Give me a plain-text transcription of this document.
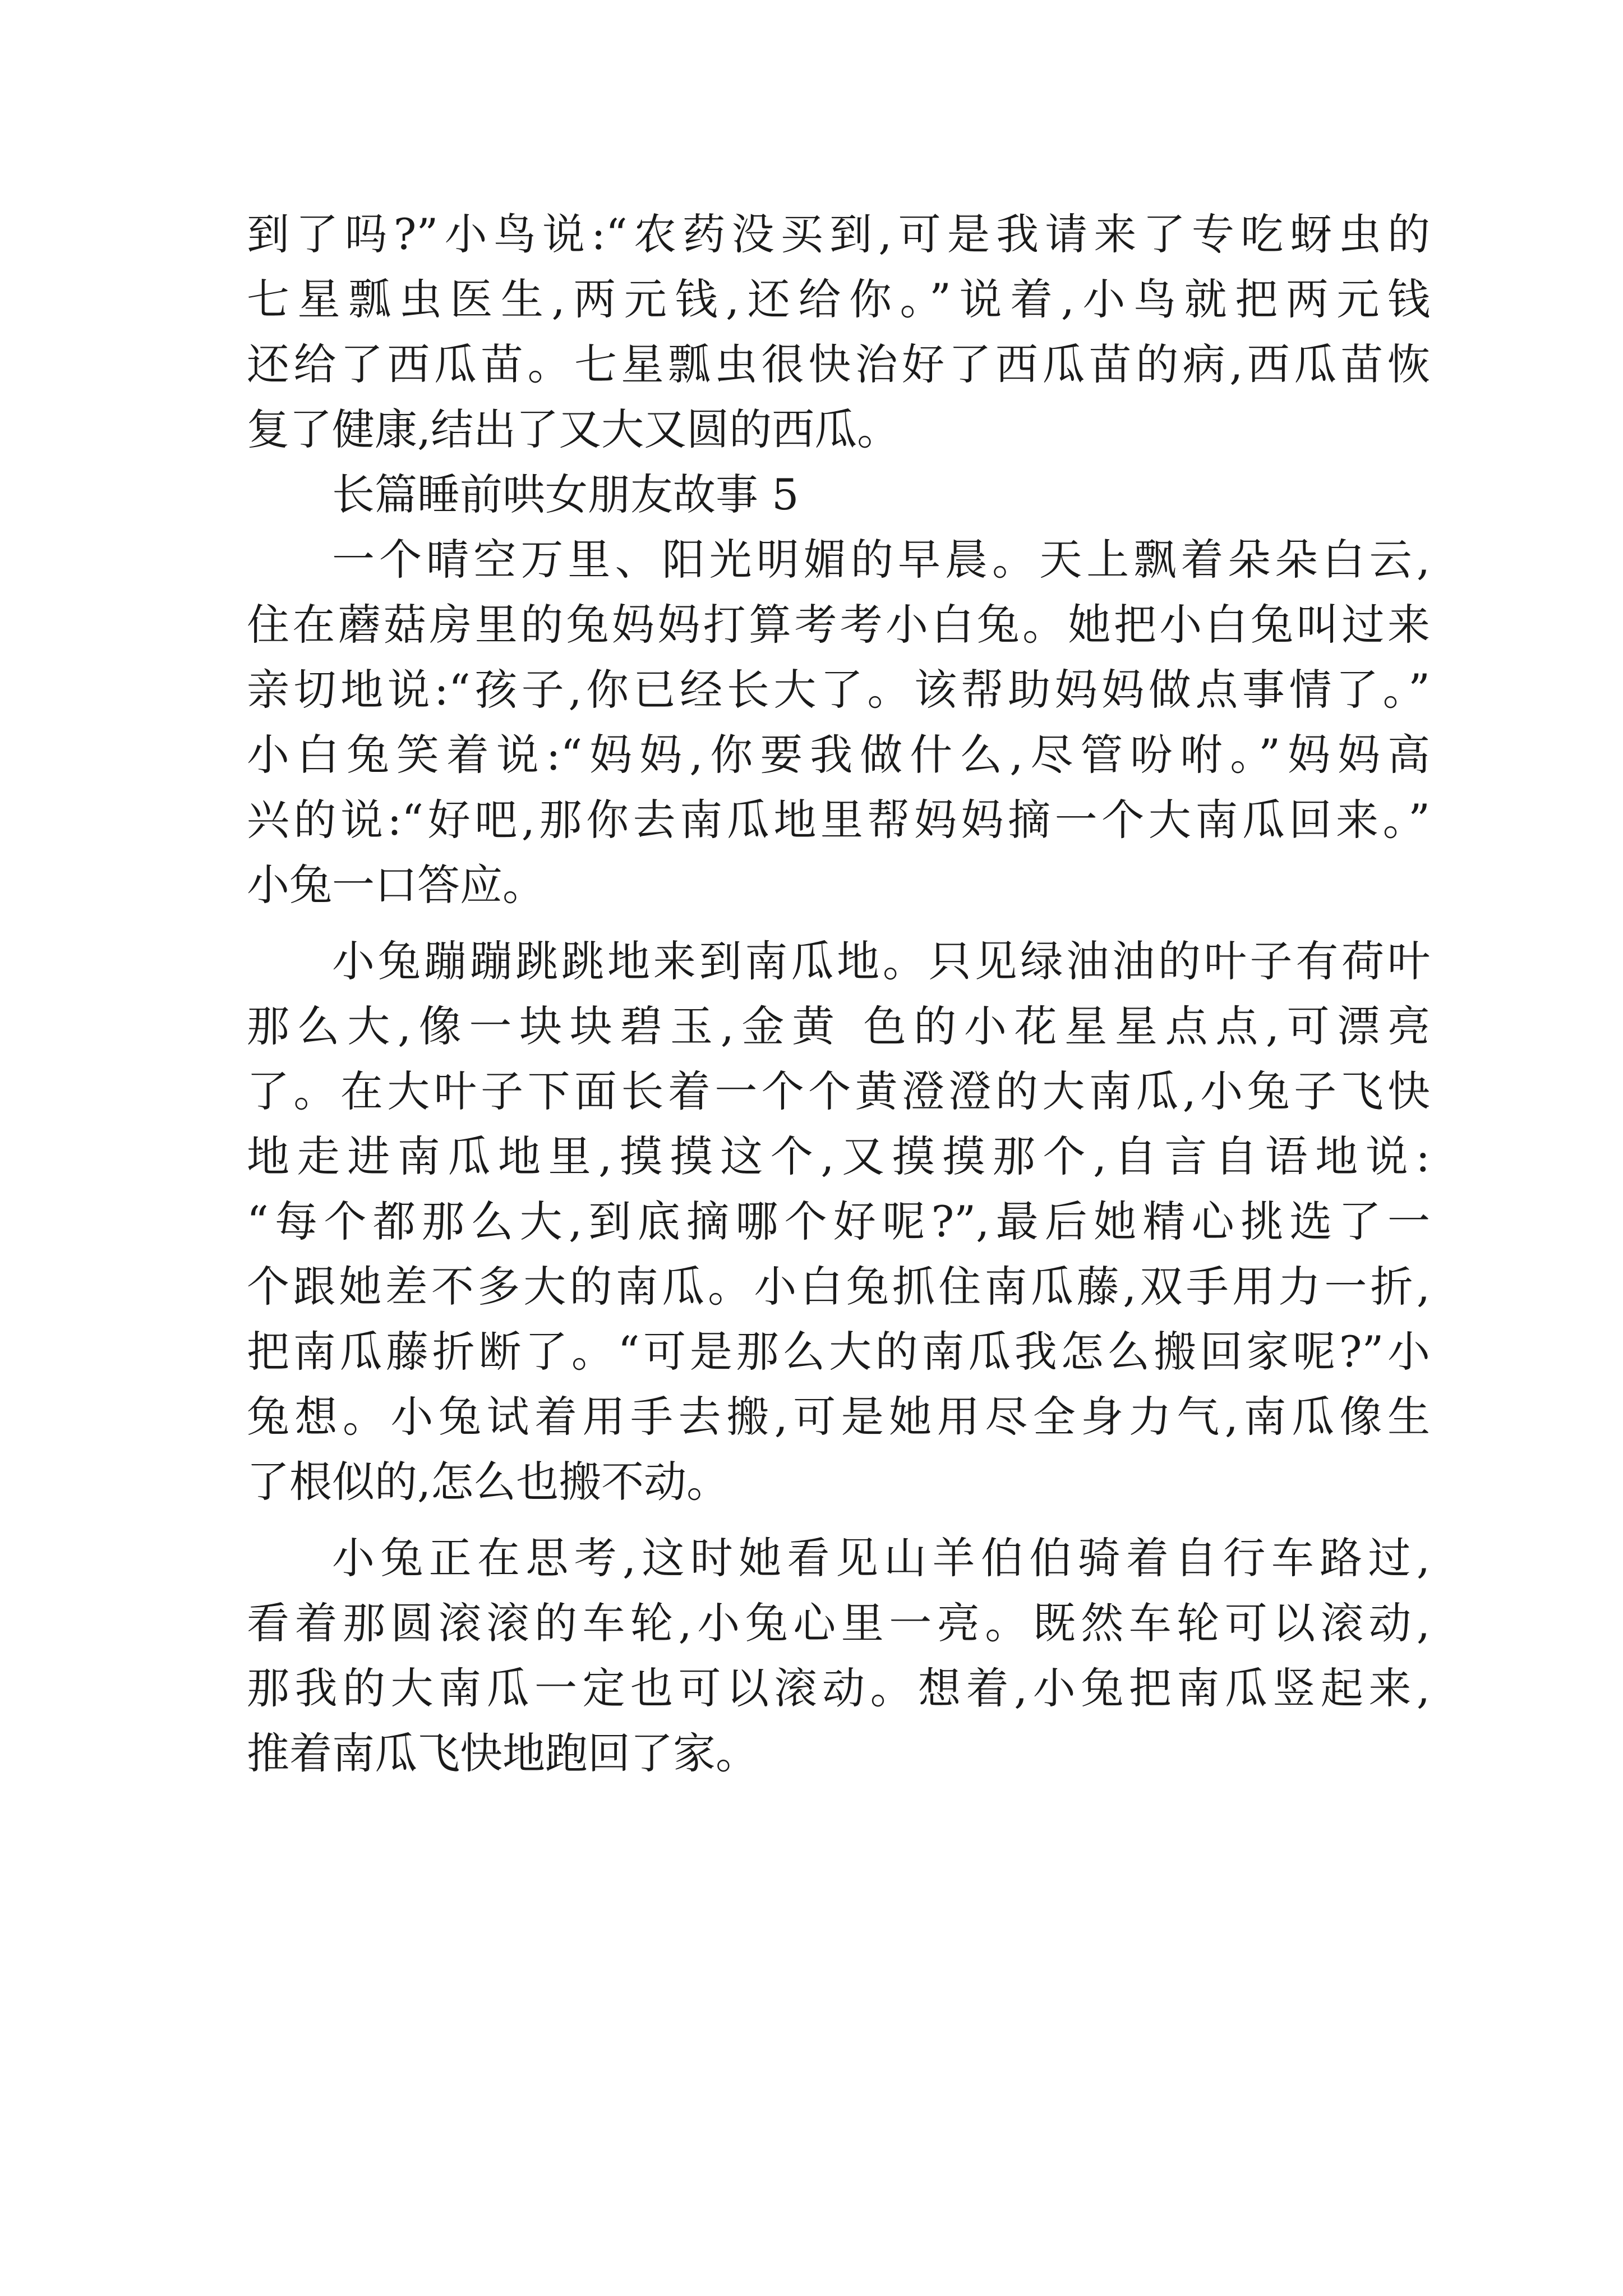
到了吗?”小鸟说:“农药没买到,可是我请来了专吃蚜虫的
七星瓢虫医生,两元钱,还给你。”说着,小鸟就把两元钱
还给了西瓜苗。七星瓢虫很快治好了西瓜苗的病,西瓜苗恢
复了健康,结出了又大又圆的西瓜。
长篇睡前哄女朋友故事 5
一个晴空万里、阳光明媚的早晨。天上飘着朵朵白云,
住在蘑菇房里的兔妈妈打算考考小白兔。她把小白兔叫过来
亲切地说:“孩子,你已经长大了。该帮助妈妈做点事情了。”
小白兔笑着说:“妈妈,你要我做什么,尽管吩咐。”妈妈高
兴的说:“好吧,那你去南瓜地里帮妈妈摘一个大南瓜回来。”
小兔一口答应。
小兔蹦蹦跳跳地来到南瓜地。只见绿油油的叶子有荷叶
那么大,像一块块碧玉,金黄 色的小花星星点点,可漂亮
了。在大叶子下面长着一个个黄澄澄的大南瓜,小兔子飞快
地走进南瓜地里,摸摸这个,又摸摸那个,自言自语地说:
“每个都那么大,到底摘哪个好呢?”,最后她精心挑选了一
个跟她差不多大的南瓜。小白兔抓住南瓜藤,双手用力一折,
把南瓜藤折断了。“可是那么大的南瓜我怎么搬回家呢?”小
兔想。小兔试着用手去搬,可是她用尽全身力气,南瓜像生
了根似的,怎么也搬不动。
小兔正在思考,这时她看见山羊伯伯骑着自行车路过,
看着那圆滚滚的车轮,小兔心里一亮。既然车轮可以滚动,
那我的大南瓜一定也可以滚动。想着,小兔把南瓜竖起来,
推着南瓜飞快地跑回了家。
